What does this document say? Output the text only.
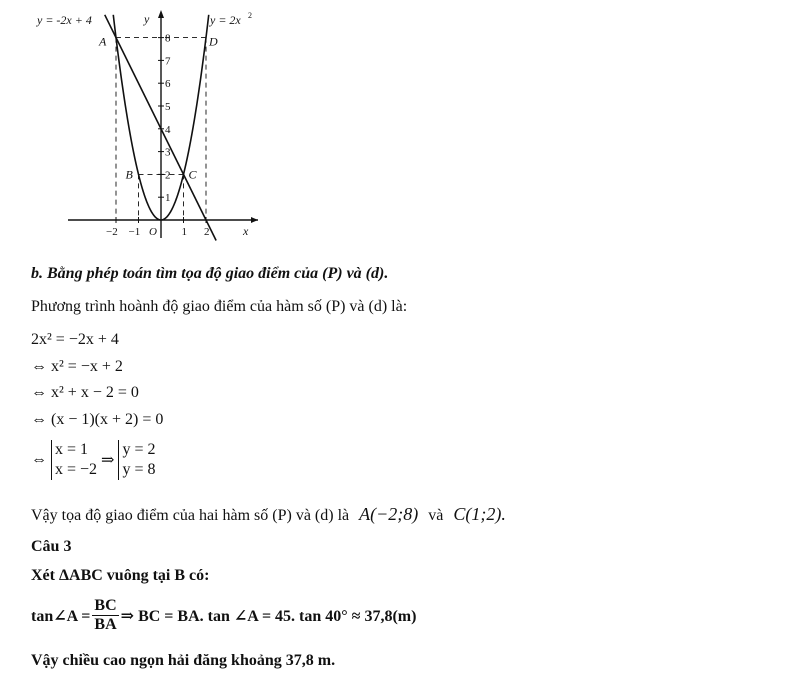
1
2
3
4
5
6
7
8
−2 −1 O 1 2	x
y
A	D
B	C
y = -2x + 4	y = 2x 2
b. Bằng phép toán tìm tọa độ giao điểm của (P) và (d).
Phương trình hoành độ giao điểm của hàm số (P) và (d) là:
2x² = −2x + 4
⇔ x² = −x + 2
⇔ x² + x − 2 = 0
⇔ (x − 1)(x + 2) = 0
⇔
x = 1
x = −2
⇒
y = 2
y = 8
Vậy tọa độ giao điểm của hai hàm số (P) và (d) là A(−2;8) và C(1;2).
Câu 3
Xét ΔABC vuông tại B có:
tan∠A = $\frac{BC}{BA}$ ⇒ BC = BA. tan ∠A = 45. tan 40° ≈ 37,8(m)
Vậy chiều cao ngọn hải đăng khoảng 37,8 m.
